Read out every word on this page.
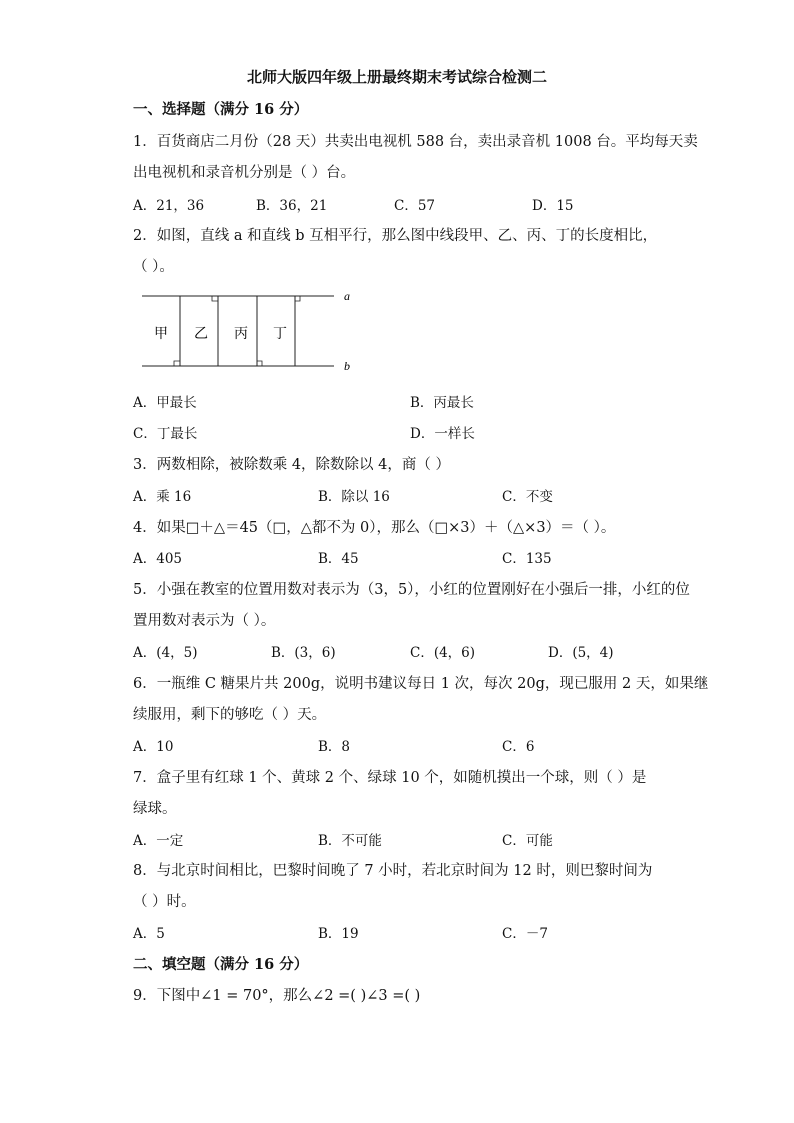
北师大版四年级上册最终期末考试综合检测二
一、选择题（满分 16 分）
1．百货商店二月份（28 天）共卖出电视机 588 台，卖出录音机 1008 台。平均每天卖
出电视机和录音机分别是（ ）台。
A．21，36	B．36，21	C．57	D．15
2．如图，直线 a 和直线 b 互相平行，那么图中线段甲、乙、丙、丁的长度相比，
（ ）。
a
b
甲 乙 丙 丁
A．甲最长	B．丙最长
C．丁最长	D．一样长
3．两数相除，被除数乘 4，除数除以 4，商（ ）
A．乘 16	B．除以 16	C．不变
4．如果□＋△＝45（□，△都不为 0），那么（□×3）＋（△×3）＝（ ）。
A．405	B．45	C．135
5．小强在教室的位置用数对表示为（3，5），小红的位置刚好在小强后一排，小红的位
置用数对表示为（ ）。
A．(4，5)	B．(3，6)	C．(4，6)	D．(5，4)
6．一瓶维 C 糖果片共 200g，说明书建议每日 1 次，每次 20g，现已服用 2 天，如果继
续服用，剩下的够吃（ ）天。
A．10	B．8	C．6
7．盒子里有红球 1 个、黄球 2 个、绿球 10 个，如随机摸出一个球，则（ ）是
绿球。
A．一定	B．不可能	C．可能
8．与北京时间相比，巴黎时间晚了 7 小时，若北京时间为 12 时，则巴黎时间为
（ ）时。
A．5	B．19	C．－7
二、填空题（满分 16 分）
9．下图中∠1 = 70°，那么∠2 =( )∠3 =( )
